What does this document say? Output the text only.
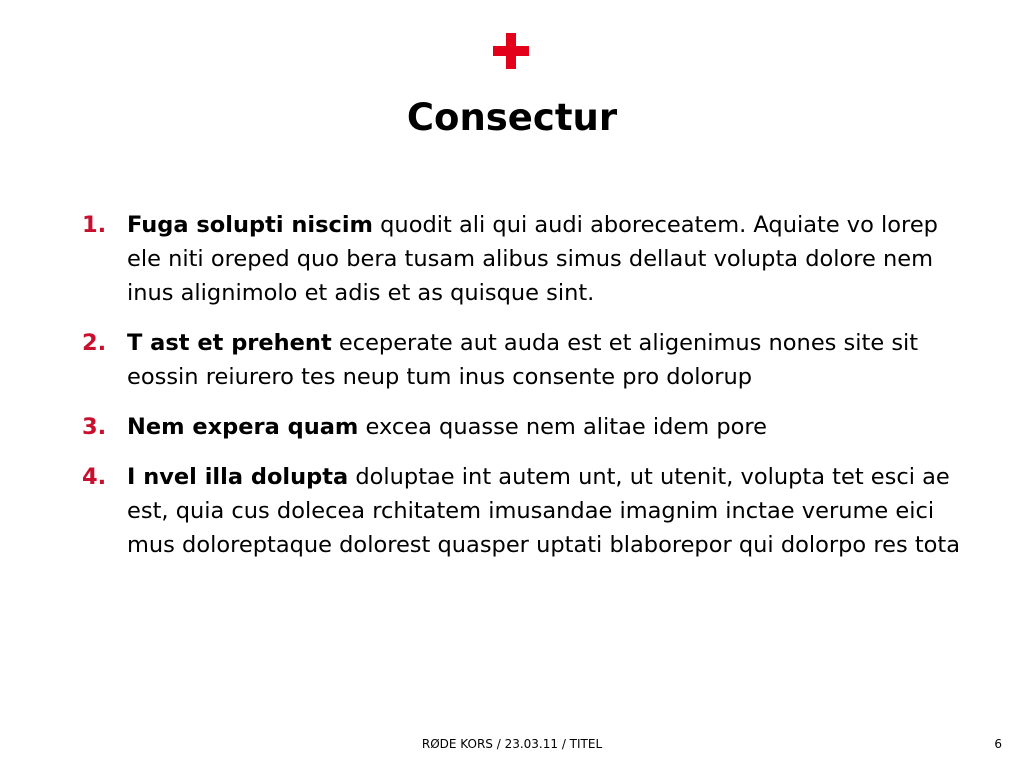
Consectur
1. Fuga solupti niscim quodit ali qui audi aboreceatem. Aquiate vo lorep ele niti oreped quo bera tusam alibus simus dellaut volupta dolore nem inus alignimolo et adis et as quisque sint.
2. T ast et prehent eceperate aut auda est et aligenimus nones site sit eossin reiurero tes neup tum inus consente pro dolorup
3. Nem expera quam excea quasse nem alitae idem pore
4. I nvel illa dolupta doluptae int autem unt, ut utenit, volupta tet esci ae est, quia cus dolecea rchitatem imusandae imagnim inctae verume eici mus doloreptaque dolorest quasper uptati blaborepor qui dolorpo res tota
RØDE KORS / 23.03.11 / TITEL	6
